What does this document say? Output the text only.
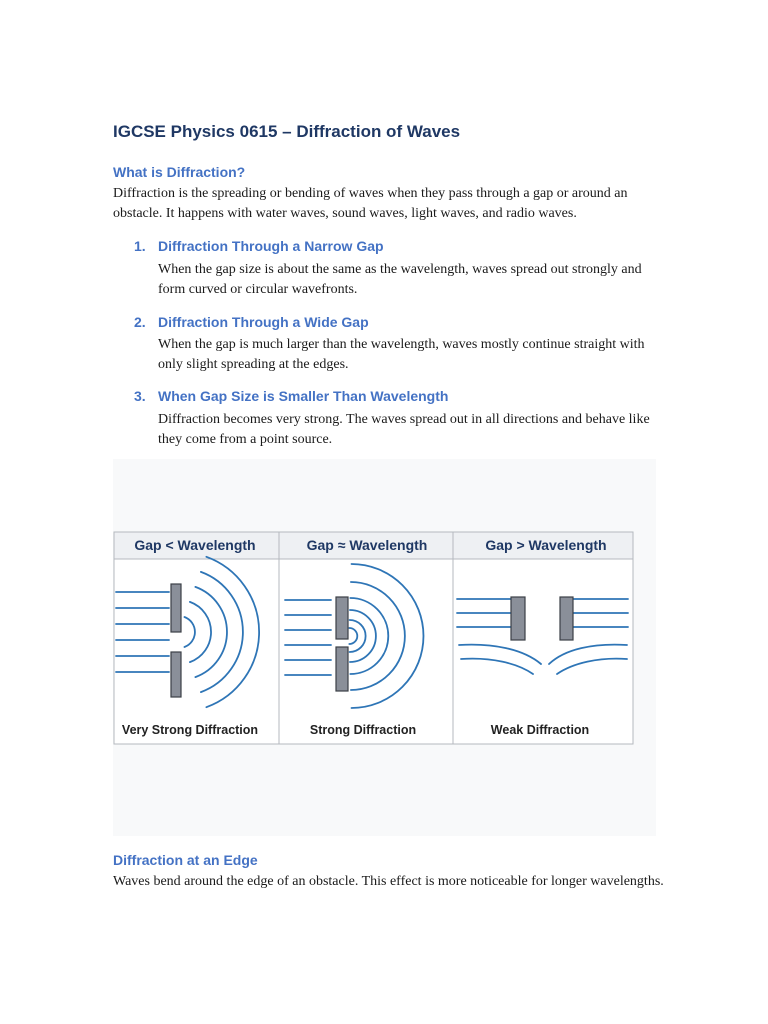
IGCSE Physics 0615 – Diffraction of Waves
What is Diffraction?

Diffraction is the spreading or bending of waves when they pass through a gap or around an obstacle. It happens with water waves, sound waves, light waves, and radio waves.

1. Diffraction Through a Narrow Gap

When the gap size is about the same as the wavelength, waves spread out strongly and form curved or circular wavefronts.

2. Diffraction Through a Wide Gap

When the gap is much larger than the wavelength, waves mostly continue straight with only slight spreading at the edges.

3. When Gap Size is Smaller Than Wavelength

Diffraction becomes very strong. The waves spread out in all directions and behave like they come from a point source.

Gap < Wavelength	Gap ≈ Wavelength	Gap > Wavelength
Very Strong Diffraction	Strong Diffraction	Weak Diffraction
Diffraction at an Edge

Waves bend around the edge of an obstacle. This effect is more noticeable for longer wavelengths.
